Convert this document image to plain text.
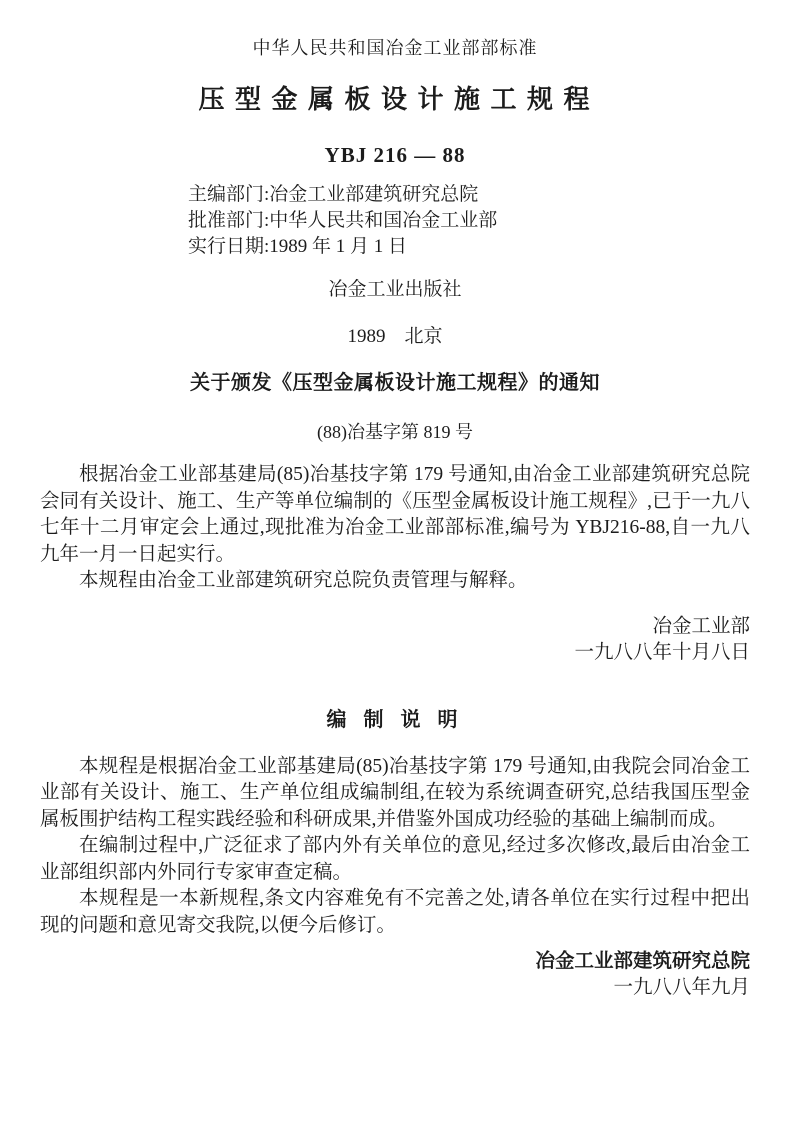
中华人民共和国冶金工业部部标准
压 型 金 属 板 设 计 施 工 规 程
YBJ 216 — 88
主编部门:冶金工业部建筑研究总院
批准部门:中华人民共和国冶金工业部
实行日期:1989 年 1 月 1 日
冶金工业出版社
1989　北京
关于颁发《压型金属板设计施工规程》的通知
(88)冶基字第 819 号

根据冶金工业部基建局(85)冶基技字第 179 号通知,由冶金工业部建筑研究总院会同有关设计、施工、生产等单位编制的《压型金属板设计施工规程》,已于一九八七年十二月审定会上通过,现批准为冶金工业部部标准,编号为 YBJ216-88,自一九八九年一月一日起实行。

本规程由冶金工业部建筑研究总院负责管理与解释。

冶金工业部
一九八八年十月八日
编 制 说 明

本规程是根据冶金工业部基建局(85)冶基技字第 179 号通知,由我院会同冶金工业部有关设计、施工、生产单位组成编制组,在较为系统调查研究,总结我国压型金属板围护结构工程实践经验和科研成果,并借鉴外国成功经验的基础上编制而成。

在编制过程中,广泛征求了部内外有关单位的意见,经过多次修改,最后由冶金工业部组织部内外同行专家审查定稿。

本规程是一本新规程,条文内容难免有不完善之处,请各单位在实行过程中把出现的问题和意见寄交我院,以便今后修订。

冶金工业部建筑研究总院
一九八八年九月
